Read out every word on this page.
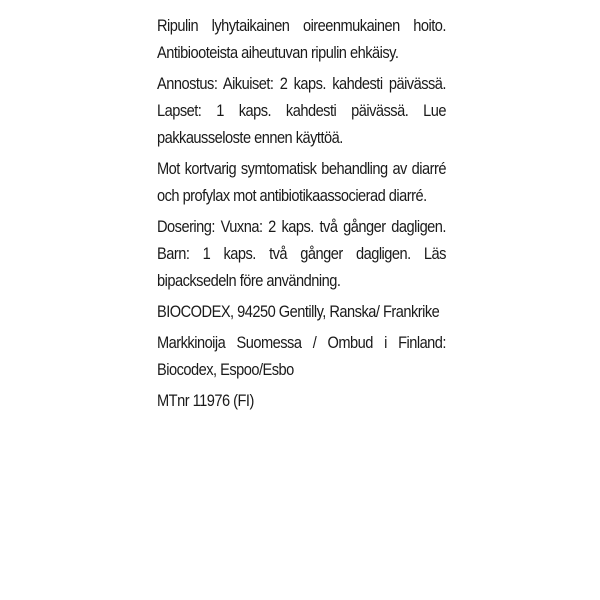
Ripulin lyhytaikainen oireenmukainen hoito. Antibiooteista aiheutuvan ripulin ehkäisy.

Annostus: Aikuiset: 2 kaps. kahdesti päivässä. Lapset: 1 kaps. kahdesti päivässä. Lue pakkausseloste ennen käyttöä.

Mot kortvarig symtomatisk behandling av diarré och profylax mot antibiotikaassocierad diarré.

Dosering: Vuxna: 2 kaps. två gånger dagligen. Barn: 1 kaps. två gånger dagligen. Läs bipacksedeln före användning.

BIOCODEX, 94250 Gentilly, Ranska/ Frankrike

Markkinoija Suomessa / Ombud i Finland: Biocodex, Espoo/Esbo

MTnr 11976 (FI)
